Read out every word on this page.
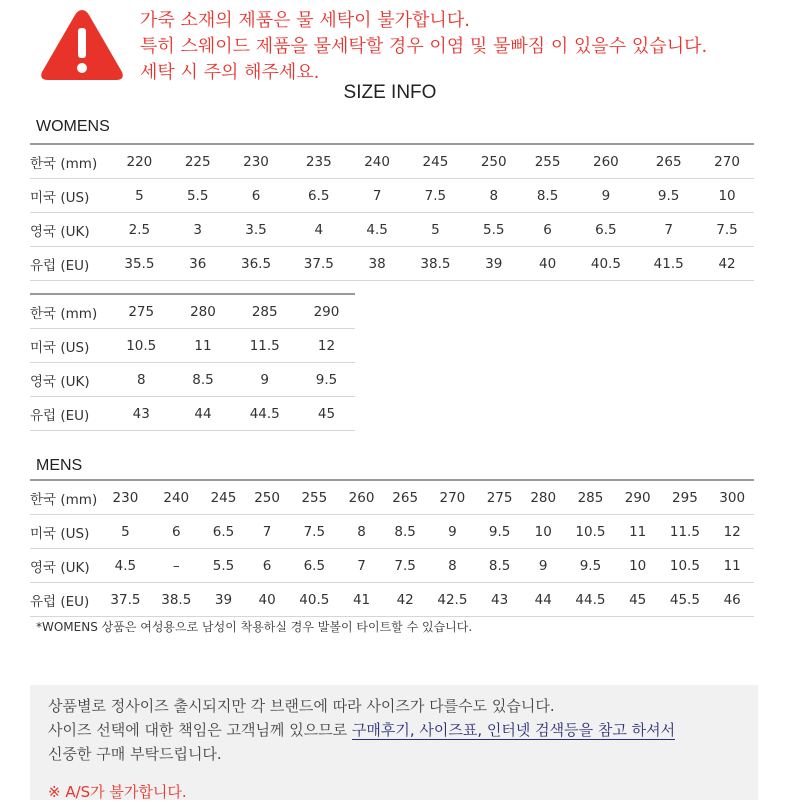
가죽 소재의 제품은 물 세탁이 불가합니다.
특히 스웨이드 제품을 물세탁할 경우 이염 및 물빠짐 이 있을수 있습니다.
세탁 시 주의 해주세요.
SIZE INFO
WOMENS
한국 (mm)	220	225	230	235	240	245	250	255	260	265	270
미국 (US)	5	5.5	6	6.5	7	7.5	8	8.5	9	9.5	10
영국 (UK)	2.5	3	3.5	4	4.5	5	5.5	6	6.5	7	7.5
유럽 (EU)	35.5	36	36.5	37.5	38	38.5	39	40	40.5	41.5	42
한국 (mm)	275	280	285	290
미국 (US)	10.5	11	11.5	12
영국 (UK)	8	8.5	9	9.5
유럽 (EU)	43	44	44.5	45
MENS
한국 (mm)	230	240	245	250	255	260	265	270	275	280	285	290	295	300
미국 (US)	5	6	6.5	7	7.5	8	8.5	9	9.5	10	10.5	11	11.5	12
영국 (UK)	4.5	–	5.5	6	6.5	7	7.5	8	8.5	9	9.5	10	10.5	11
유럽 (EU)	37.5	38.5	39	40	40.5	41	42	42.5	43	44	44.5	45	45.5	46
*WOMENS 상품은 여성용으로 남성이 착용하실 경우 발볼이 타이트할 수 있습니다.
상품별로 정사이즈 출시되지만 각 브랜드에 따라 사이즈가 다를수도 있습니다.
사이즈 선택에 대한 책임은 고객님께 있으므로 구매후기, 사이즈표, 인터넷 검색등을 참고 하셔서
신중한 구매 부탁드립니다.
※ A/S가 불가합니다.
